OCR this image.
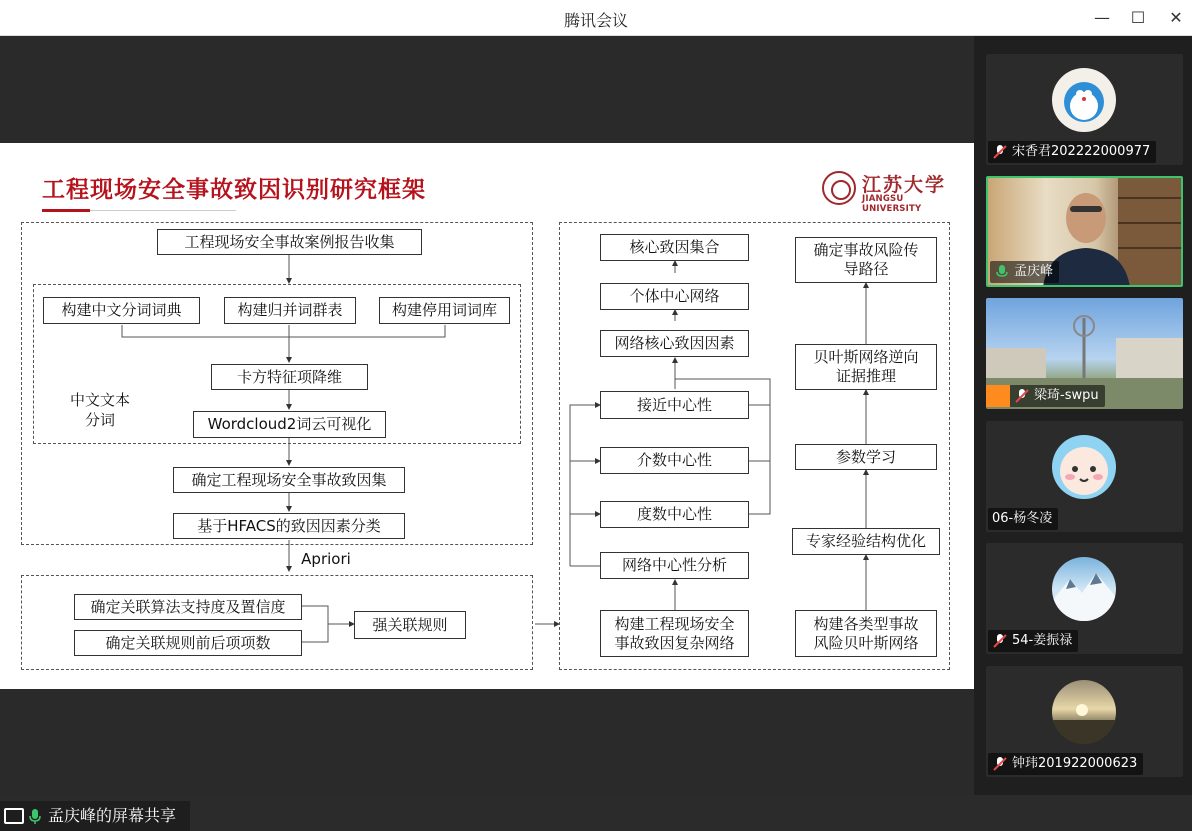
腾讯会议	—	☐	✕
工程现场安全事故致因识别研究框架	江苏大学
JIANGSU UNIVERSITY
工程现场安全事故案例报告收集
构建中文分词词典	构建归并词群表	构建停用词词库
卡方特征项降维
Wordcloud2词云可视化
中文文本
分词
确定工程现场安全事故致因集
基于HFACS的致因因素分类
Apriori
确定关联算法支持度及置信度
确定关联规则前后项项数
强关联规则
核心致因集合
个体中心网络
网络核心致因因素
接近中心性
介数中心性
度数中心性
网络中心性分析
构建工程现场安全
事故致因复杂网络
确定事故风险传
导路径
贝叶斯网络逆向
证据推理
参数学习
专家经验结构优化
构建各类型事故
风险贝叶斯网络
孟庆峰的屏幕共享
宋香君202222000977
孟庆峰
梁琦-swpu
06-杨冬凌
54-姜振禄
钟玮201922000623
